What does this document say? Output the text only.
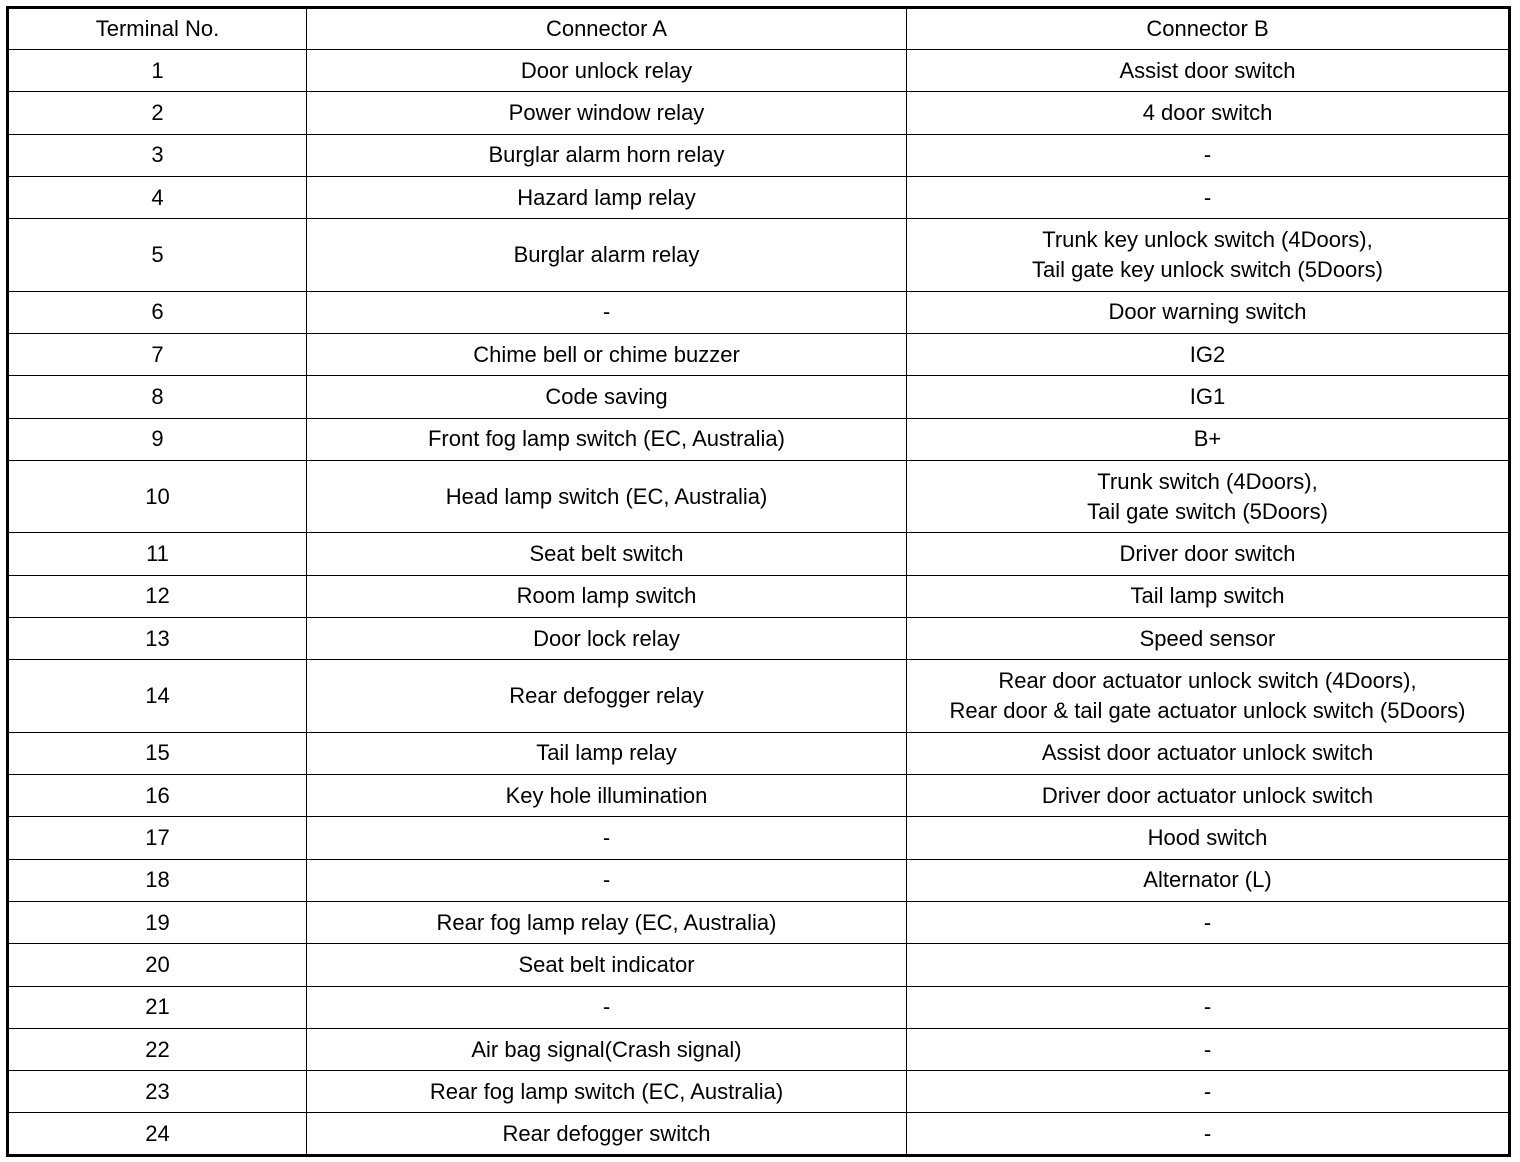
Terminal No.	Connector A	Connector B
1	Door unlock relay	Assist door switch
2	Power window relay	4 door switch
3	Burglar alarm horn relay	-
4	Hazard lamp relay	-
5	Burglar alarm relay	Trunk key unlock switch (4Doors),
Tail gate key unlock switch (5Doors)
6	-	Door warning switch
7	Chime bell or chime buzzer	IG2
8	Code saving	IG1
9	Front fog lamp switch (EC, Australia)	B+
10	Head lamp switch (EC, Australia)	Trunk switch (4Doors),
Tail gate switch (5Doors)
11	Seat belt switch	Driver door switch
12	Room lamp switch	Tail lamp switch
13	Door lock relay	Speed sensor
14	Rear defogger relay	Rear door actuator unlock switch (4Doors),
Rear door & tail gate actuator unlock switch (5Doors)
15	Tail lamp relay	Assist door actuator unlock switch
16	Key hole illumination	Driver door actuator unlock switch
17	-	Hood switch
18	-	Alternator (L)
19	Rear fog lamp relay (EC, Australia)	-
20	Seat belt indicator	
21	-	-
22	Air bag signal(Crash signal)	-
23	Rear fog lamp switch (EC, Australia)	-
24	Rear defogger switch	-
